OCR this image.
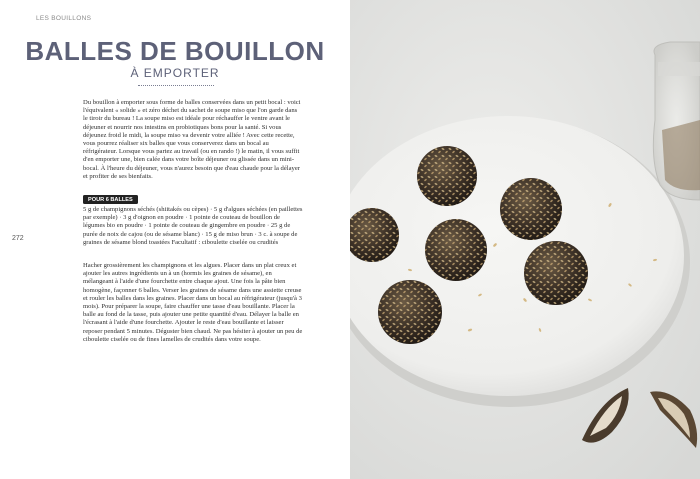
LES BOUILLONS
BALLES DE BOUILLON
À EMPORTER

Du bouillon à emporter sous forme de balles conservées dans un petit bocal : voici l'équivalent « solide » et zéro déchet du sachet de soupe miso que l'on garde dans le tiroir du bureau ! La soupe miso est idéale pour réchauffer le ventre avant le déjeuner et nourrir nos intestins en probiotiques bons pour la santé. Si vous déjeunez froid le midi, la soupe miso va devenir votre alliée ! Avec cette recette, vous pourrez réaliser six balles que vous conserverez dans un bocal au réfrigérateur. Lorsque vous partez au travail (ou en rando !) le matin, il vous suffit d'en emporter une, bien calée dans votre boîte déjeuner ou glissée dans un mini-bocal. À l'heure du déjeuner, vous n'aurez besoin que d'eau chaude pour la délayer et profiter de ses bienfaits.

POUR 6 BALLES

5 g de champignons séchés (shiitakés ou cèpes) · 5 g d'algues séchées (en paillettes par exemple) · 3 g d'oignon en poudre · 1 pointe de couteau de bouillon de légumes bio en poudre · 1 pointe de couteau de gingembre en poudre · 25 g de purée de noix de cajou (ou de sésame blanc) · 15 g de miso brun · 3 c. à soupe de graines de sésame blond toastées Facultatif : ciboulette ciselée ou crudités

Hacher grossièrement les champignons et les algues. Placer dans un plat creux et ajouter les autres ingrédients un à un (hormis les graines de sésame), en mélangeant à l'aide d'une fourchette entre chaque ajout. Une fois la pâte bien homogène, façonner 6 balles. Verser les graines de sésame dans une assiette creuse et rouler les balles dans les graines. Placer dans un bocal au réfrigérateur (jusqu'à 3 mois). Pour préparer la soupe, faire chauffer une tasse d'eau bouillante. Placer la balle au fond de la tasse, puis ajouter une petite quantité d'eau. Délayer la balle en l'écrasant à l'aide d'une fourchette. Ajouter le reste d'eau bouillante et laisser reposer pendant 5 minutes. Déguster bien chaud. Ne pas hésiter à ajouter un peu de ciboulette ciselée ou de fines lamelles de crudités dans votre soupe.

272
